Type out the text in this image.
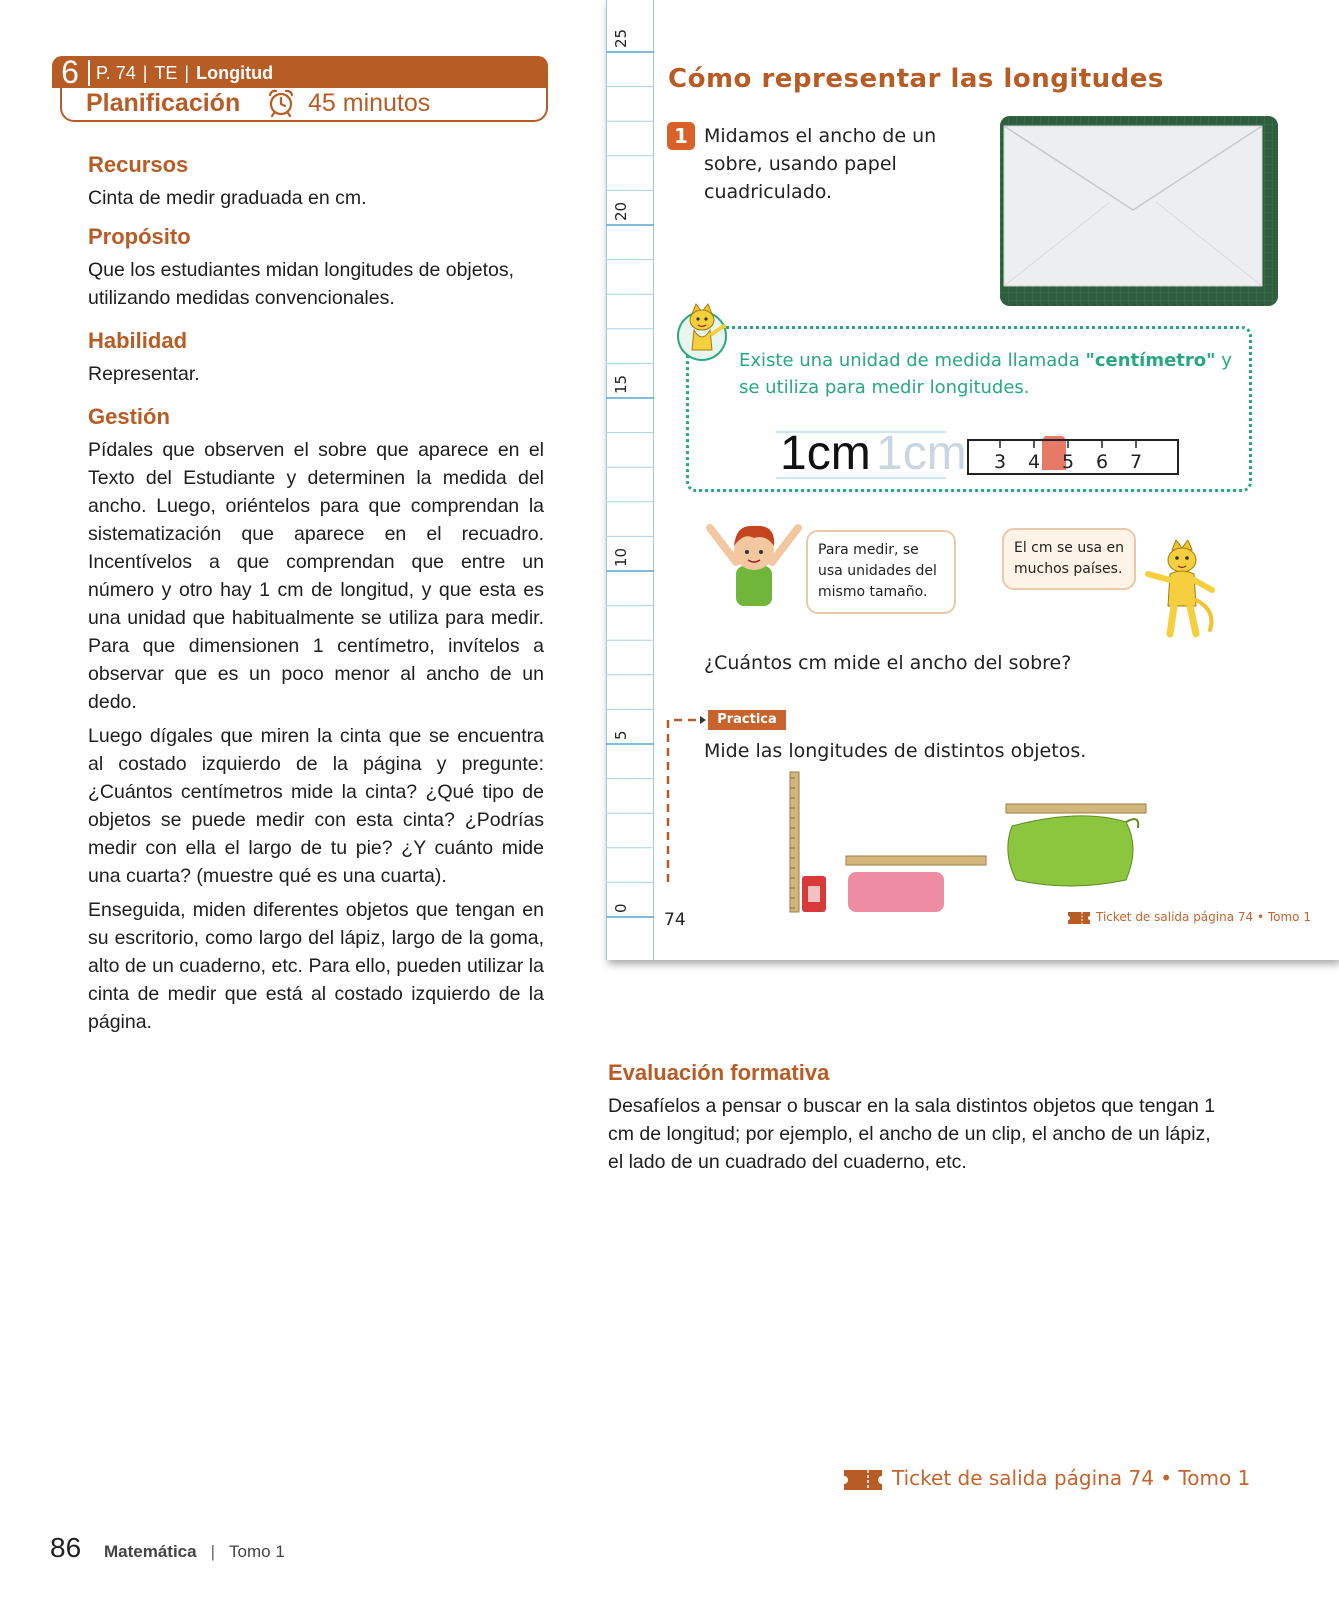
6 P. 74 | TE | Longitud
Planificación	45 minutos
Recursos
Cinta de medir graduada en cm.
Propósito
Que los estudiantes midan longitudes de objetos, utilizando medidas convencionales.
Habilidad
Representar.
Gestión
Pídales que observen el sobre que aparece en el Texto del Estudiante y determinen la medida del ancho. Luego, oriéntelos para que comprendan la sistematización que aparece en el recuadro. Incentívelos a que comprendan que entre un número y otro hay 1 cm de longitud, y que esta es una unidad que habitualmente se utiliza para medir. Para que dimensionen 1 centímetro, invítelos a observar que es un poco menor al ancho de un dedo.
Luego dígales que miren la cinta que se encuentra al costado izquierdo de la página y pregunte: ¿Cuántos centímetros mide la cinta? ¿Qué tipo de objetos se puede medir con esta cinta? ¿Podrías medir con ella el largo de tu pie? ¿Y cuánto mide una cuarta? (muestre qué es una cuarta).
Enseguida, miden diferentes objetos que tengan en su escritorio, como largo del lápiz, largo de la goma, alto de un cuaderno, etc. Para ello, pueden utilizar la cinta de medir que está al costado izquierdo de la página.
25
20
15
10
5
0
Cómo representar las longitudes
1 Midamos el ancho de un sobre, usando papel cuadriculado.
Existe una unidad de medida llamada "centímetro" y se utiliza para medir longitudes.
1cm 1cm 3 4 5 6 7
Para medir, se usa unidades del mismo tamaño.
El cm se usa en muchos países.
¿Cuántos cm mide el ancho del sobre?
Practica
Mide las longitudes de distintos objetos.
74	Ticket de salida página 74 • Tomo 1
Evaluación formativa
Desafíelos a pensar o buscar en la sala distintos objetos que tengan 1 cm de longitud; por ejemplo, el ancho de un clip, el ancho de un lápiz, el lado de un cuadrado del cuaderno, etc.
Ticket de salida página 74 • Tomo 1
86 Matemática | Tomo 1
